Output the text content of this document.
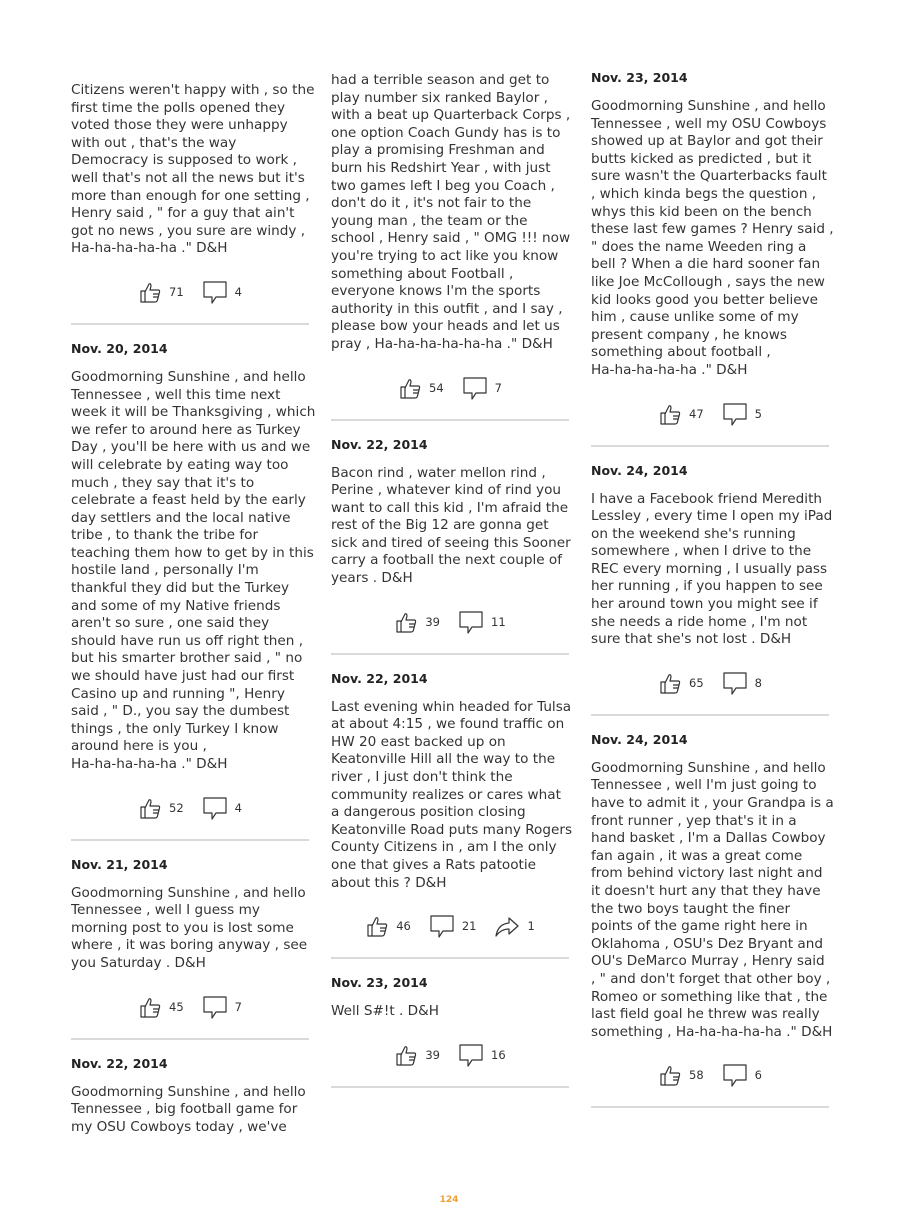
Citizens weren't happy with , so the
first time the polls opened they
voted those they were unhappy
with out , that's the way
Democracy is supposed to work ,
well that's not all the news but it's
more than enough for one setting ,
Henry said , " for a guy that ain't
got no news , you sure are windy ,
Ha-ha-ha-ha-ha ." D&H
71	4
Nov. 20, 2014
Goodmorning Sunshine , and hello
Tennessee , well this time next
week it will be Thanksgiving , which
we refer to around here as Turkey
Day , you'll be here with us and we
will celebrate by eating way too
much , they say that it's to
celebrate a feast held by the early
day settlers and the local native
tribe , to thank the tribe for
teaching them how to get by in this
hostile land , personally I'm
thankful they did but the Turkey
and some of my Native friends
aren't so sure , one said they
should have run us off right then ,
but his smarter brother said , " no
we should have just had our first
Casino up and running ", Henry
said , " D., you say the dumbest
things , the only Turkey I know
around here is you ,
Ha-ha-ha-ha-ha ." D&H
52	4
Nov. 21, 2014
Goodmorning Sunshine , and hello
Tennessee , well I guess my
morning post to you is lost some
where , it was boring anyway , see
you Saturday . D&H
45	7
Nov. 22, 2014
Goodmorning Sunshine , and hello
Tennessee , big football game for
my OSU Cowboys today , we've
had a terrible season and get to
play number six ranked Baylor ,
with a beat up Quarterback Corps ,
one option Coach Gundy has is to
play a promising Freshman and
burn his Redshirt Year , with just
two games left I beg you Coach ,
don't do it , it's not fair to the
young man , the team or the
school , Henry said , " OMG !!! now
you're trying to act like you know
something about Football ,
everyone knows I'm the sports
authority in this outfit , and I say ,
please bow your heads and let us
pray , Ha-ha-ha-ha-ha-ha ." D&H
54	7
Nov. 22, 2014
Bacon rind , water mellon rind ,
Perine , whatever kind of rind you
want to call this kid , I'm afraid the
rest of the Big 12 are gonna get
sick and tired of seeing this Sooner
carry a football the next couple of
years . D&H
39	11
Nov. 22, 2014
Last evening whin headed for Tulsa
at about 4:15 , we found traffic on
HW 20 east backed up on
Keatonville Hill all the way to the
river , I just don't think the
community realizes or cares what
a dangerous position closing
Keatonville Road puts many Rogers
County Citizens in , am I the only
one that gives a Rats patootie
about this ? D&H
46	21	1
Nov. 23, 2014
Well S#!t . D&H
39	16
Nov. 23, 2014
Goodmorning Sunshine , and hello
Tennessee , well my OSU Cowboys
showed up at Baylor and got their
butts kicked as predicted , but it
sure wasn't the Quarterbacks fault
, which kinda begs the question ,
whys this kid been on the bench
these last few games ? Henry said ,
" does the name Weeden ring a
bell ? When a die hard sooner fan
like Joe McCollough , says the new
kid looks good you better believe
him , cause unlike some of my
present company , he knows
something about football ,
Ha-ha-ha-ha-ha ." D&H
47	5
Nov. 24, 2014
I have a Facebook friend Meredith
Lessley , every time I open my iPad
on the weekend she's running
somewhere , when I drive to the
REC every morning , I usually pass
her running , if you happen to see
her around town you might see if
she needs a ride home , I'm not
sure that she's not lost . D&H
65	8
Nov. 24, 2014
Goodmorning Sunshine , and hello
Tennessee , well I'm just going to
have to admit it , your Grandpa is a
front runner , yep that's it in a
hand basket , I'm a Dallas Cowboy
fan again , it was a great come
from behind victory last night and
it doesn't hurt any that they have
the two boys taught the finer
points of the game right here in
Oklahoma , OSU's Dez Bryant and
OU's DeMarco Murray , Henry said
, " and don't forget that other boy ,
Romeo or something like that , the
last field goal he threw was really
something , Ha-ha-ha-ha-ha ." D&H
58	6
124
